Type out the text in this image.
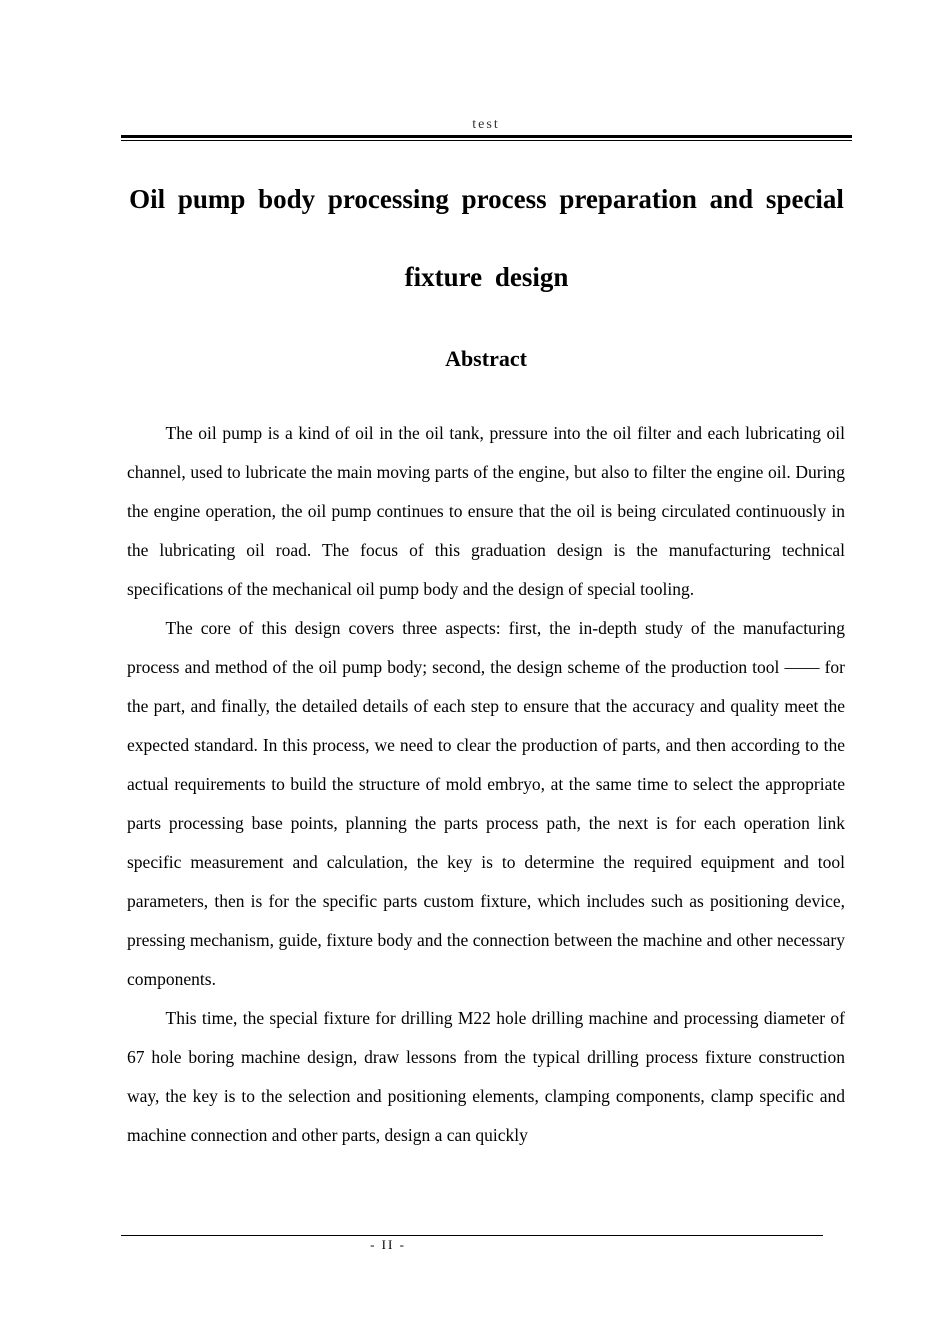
test
Oil pump body processing process preparation and special fixture design
Abstract

The oil pump is a kind of oil in the oil tank, pressure into the oil filter and each lubricating oil channel, used to lubricate the main moving parts of the engine, but also to filter the engine oil. During the engine operation, the oil pump continues to ensure that the oil is being circulated continuously in the lubricating oil road. The focus of this graduation design is the manufacturing technical specifications of the mechanical oil pump body and the design of special tooling.

The core of this design covers three aspects: first, the in-depth study of the manufacturing process and method of the oil pump body; second, the design scheme of the production tool —— for the part, and finally, the detailed details of each step to ensure that the accuracy and quality meet the expected standard. In this process, we need to clear the production of parts, and then according to the actual requirements to build the structure of mold embryo, at the same time to select the appropriate parts processing base points, planning the parts process path, the next is for each operation link specific measurement and calculation, the key is to determine the required equipment and tool parameters, then is for the specific parts custom fixture, which includes such as positioning device, pressing mechanism, guide, fixture body and the connection between the machine and other necessary components.

This time, the special fixture for drilling M22 hole drilling machine and processing diameter of 67 hole boring machine design, draw lessons from the typical drilling process fixture construction way, the key is to the selection and positioning elements, clamping components, clamp specific and machine connection and other parts, design a can quickly

- II -
